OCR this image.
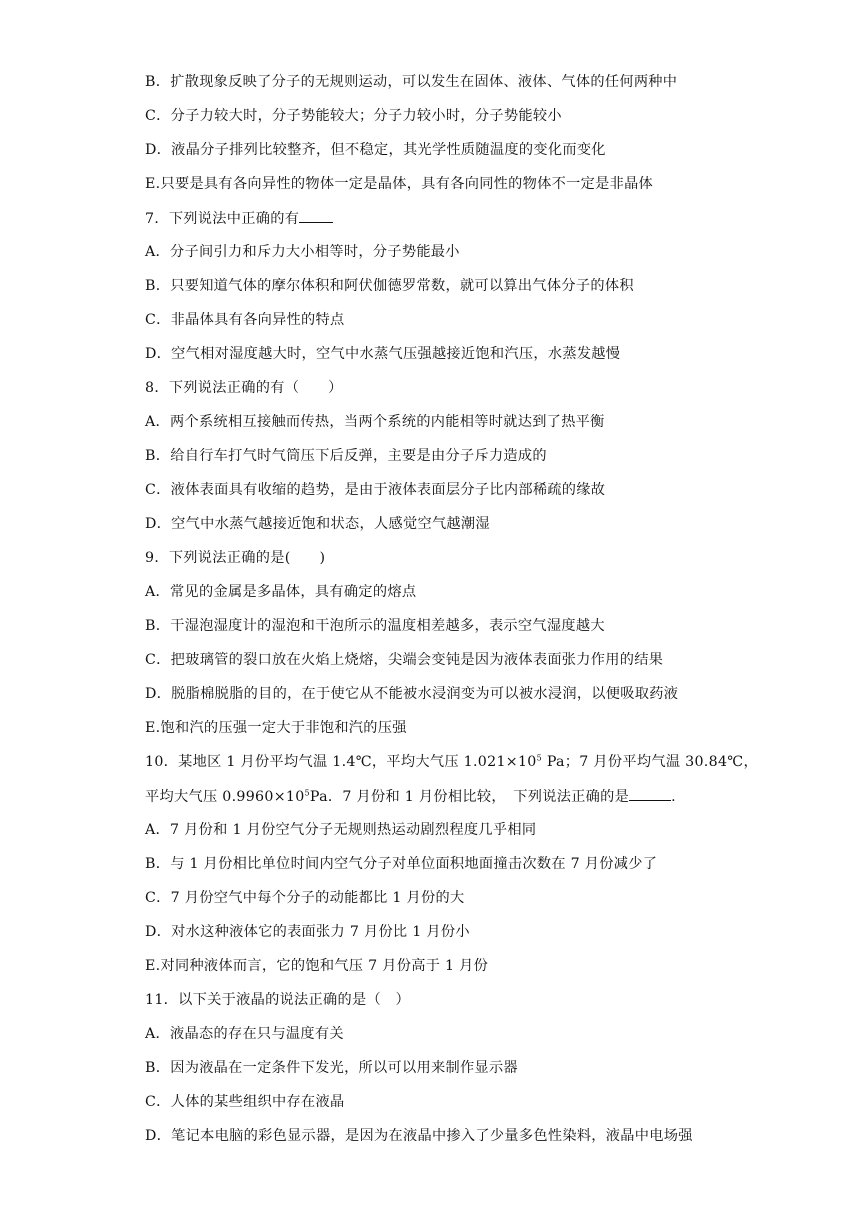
B．扩散现象反映了分子的无规则运动，可以发生在固体、液体、气体的任何两种中
C．分子力较大时，分子势能较大；分子力较小时，分子势能较小
D．液晶分子排列比较整齐，但不稳定，其光学性质随温度的变化而变化
E.只要是具有各向异性的物体一定是晶体，具有各向同性的物体不一定是非晶体
7．下列说法中正确的有
A．分子间引力和斥力大小相等时，分子势能最小
B．只要知道气体的摩尔体积和阿伏伽德罗常数，就可以算出气体分子的体积
C．非晶体具有各向异性的特点
D．空气相对湿度越大时，空气中水蒸气压强越接近饱和汽压，水蒸发越慢
8．下列说法正确的有（　　）
A．两个系统相互接触而传热，当两个系统的内能相等时就达到了热平衡
B．给自行车打气时气筒压下后反弹，主要是由分子斥力造成的
C．液体表面具有收缩的趋势，是由于液体表面层分子比内部稀疏的缘故
D．空气中水蒸气越接近饱和状态，人感觉空气越潮湿
9．下列说法正确的是(　　)
A．常见的金属是多晶体，具有确定的熔点
B．干湿泡湿度计的湿泡和干泡所示的温度相差越多，表示空气湿度越大
C．把玻璃管的裂口放在火焰上烧熔，尖端会变钝是因为液体表面张力作用的结果
D．脱脂棉脱脂的目的，在于使它从不能被水浸润变为可以被水浸润，以便吸取药液
E.饱和汽的压强一定大于非饱和汽的压强
10．某地区 1 月份平均气温 1.4℃，平均大气压 $1.021\times 10^5$ Pa；7 月份平均气温 30.84℃，
平均大气压 $0.9960\times 10^5Pa$．7 月份和 1 月份相比较，　下列说法正确的是	.
A．7 月份和 1 月份空气分子无规则热运动剧烈程度几乎相同
B．与 1 月份相比单位时间内空气分子对单位面积地面撞击次数在 7 月份减少了
C．7 月份空气中每个分子的动能都比 1 月份的大
D．对水这种液体它的表面张力 7 月份比 1 月份小
E.对同种液体而言，它的饱和气压 7 月份高于 1 月份
11．以下关于液晶的说法正确的是（　）
A．液晶态的存在只与温度有关
B．因为液晶在一定条件下发光，所以可以用来制作显示器
C．人体的某些组织中存在液晶
D．笔记本电脑的彩色显示器，是因为在液晶中掺入了少量多色性染料，液晶中电场强
